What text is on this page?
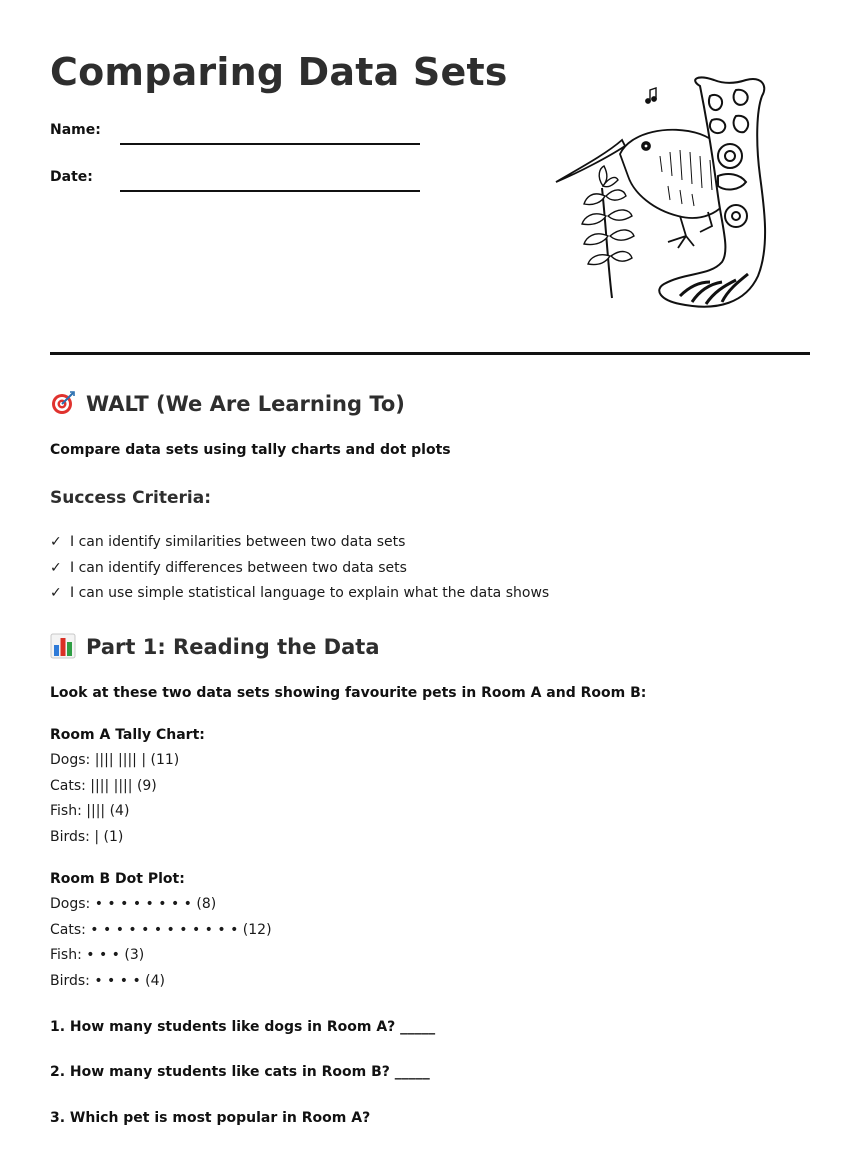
Comparing Data Sets
Name:
Date:
WALT (We Are Learning To)
Compare data sets using tally charts and dot plots
Success Criteria:
✓ I can identify similarities between two data sets
✓ I can identify differences between two data sets
✓ I can use simple statistical language to explain what the data shows
Part 1: Reading the Data
Look at these two data sets showing favourite pets in Room A and Room B:
Room A Tally Chart:
Dogs: |||| |||| | (11)
Cats: |||| |||| (9)
Fish: |||| (4)
Birds: | (1)
Room B Dot Plot:
Dogs: • • • • • • • • (8)
Cats: • • • • • • • • • • • • (12)
Fish: • • • (3)
Birds: • • • • (4)
1. How many students like dogs in Room A? _____
2. How many students like cats in Room B? _____
3. Which pet is most popular in Room A?
